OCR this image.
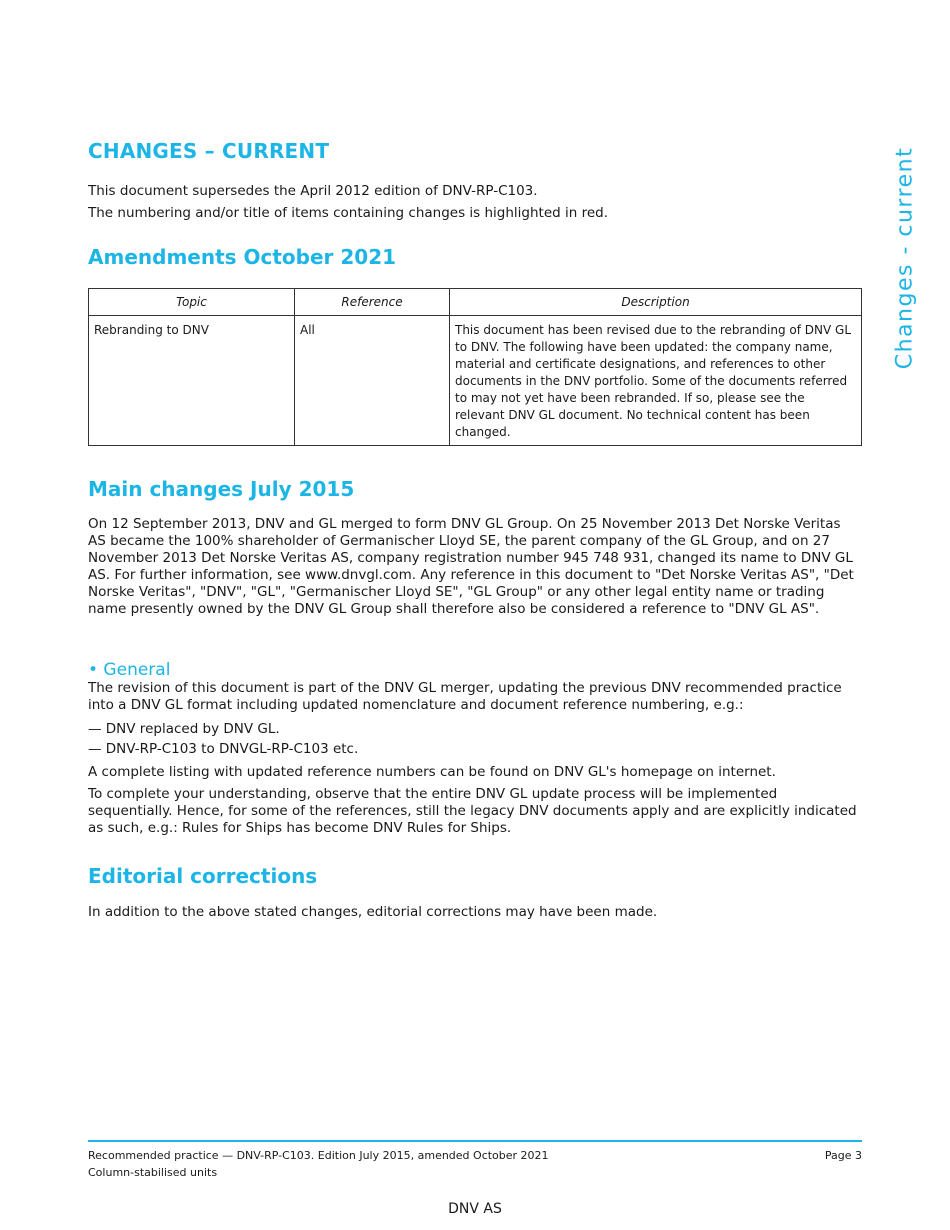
CHANGES – CURRENT

This document supersedes the April 2012 edition of DNV-RP-C103.

The numbering and/or title of items containing changes is highlighted in red.

Amendments October 2021
Topic	Reference	Description
Rebranding to DNV	All	This document has been revised due to the rebranding of DNV GL to DNV. The following have been updated: the company name, material and certificate designations, and references to other documents in the DNV portfolio. Some of the documents referred to may not yet have been rebranded. If so, please see the relevant DNV GL document. No technical content has been changed.
Main changes July 2015

On 12 September 2013, DNV and GL merged to form DNV GL Group. On 25 November 2013 Det Norske Veritas AS became the 100% shareholder of Germanischer Lloyd SE, the parent company of the GL Group, and on 27 November 2013 Det Norske Veritas AS, company registration number 945 748 931, changed its name to DNV GL AS. For further information, see www.dnvgl.com. Any reference in this document to "Det Norske Veritas AS", "Det Norske Veritas", "DNV", "GL", "Germanischer Lloyd SE", "GL Group" or any other legal entity name or trading name presently owned by the DNV GL Group shall therefore also be considered a reference to "DNV GL AS".

• General

The revision of this document is part of the DNV GL merger, updating the previous DNV recommended practice into a DNV GL format including updated nomenclature and document reference numbering, e.g.:

— DNV replaced by DNV GL.
— DNV-RP-C103 to DNVGL-RP-C103 etc.

A complete listing with updated reference numbers can be found on DNV GL's homepage on internet.

To complete your understanding, observe that the entire DNV GL update process will be implemented sequentially. Hence, for some of the references, still the legacy DNV documents apply and are explicitly indicated as such, e.g.: Rules for Ships has become DNV Rules for Ships.

Editorial corrections

In addition to the above stated changes, editorial corrections may have been made.

Changes - current
Recommended practice — DNV-RP-C103. Edition July 2015, amended October 2021	Page 3
Column-stabilised units
DNV AS
